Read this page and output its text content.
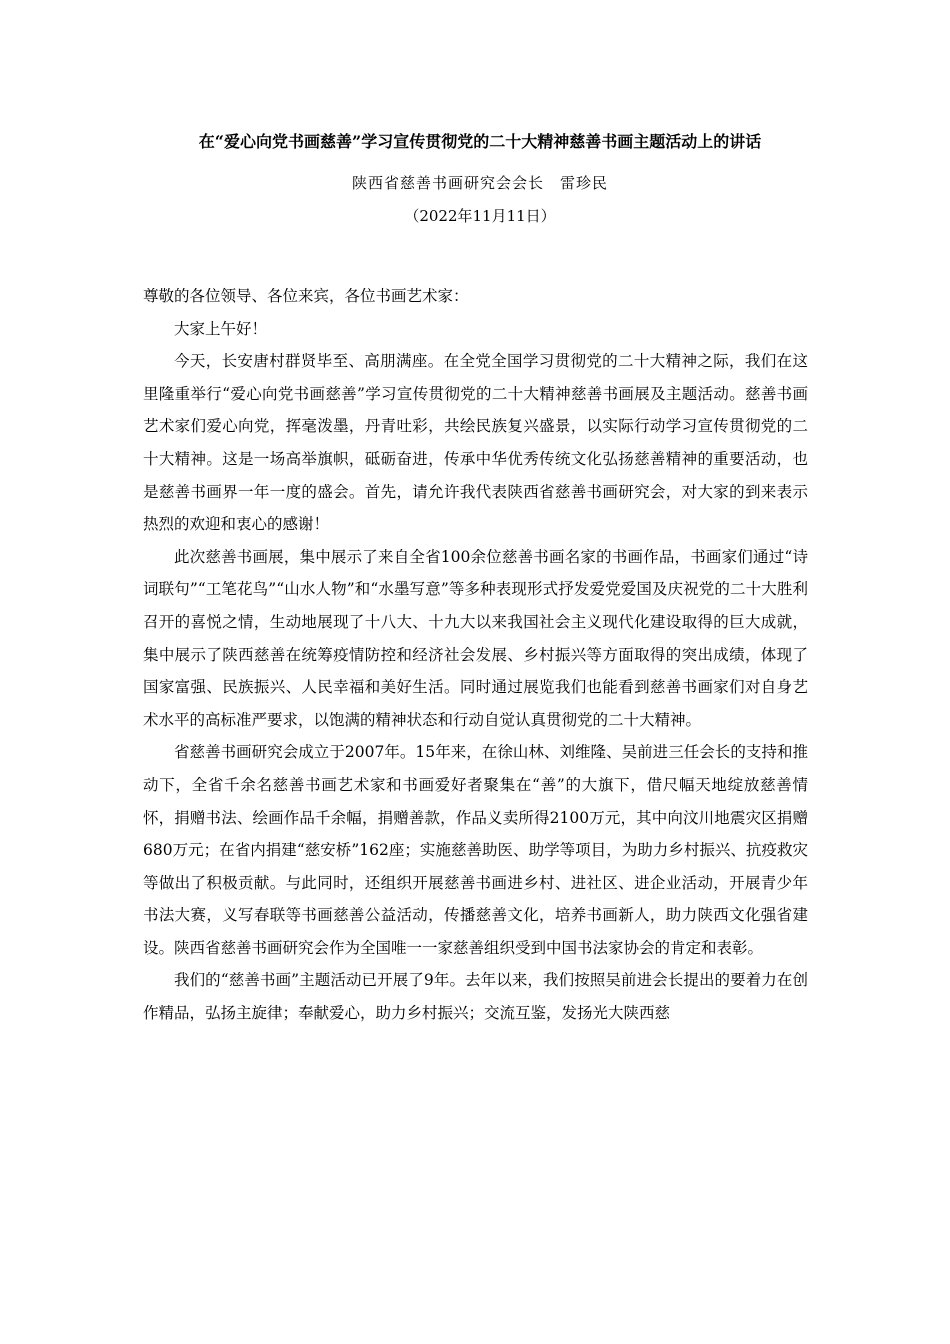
在“爱心向党书画慈善”学习宣传贯彻党的二十大精神慈善书画主题活动上的讲话
陕西省慈善书画研究会会长　雷珍民
（2022年11月11日）

尊敬的各位领导、各位来宾，各位书画艺术家：

大家上午好！

今天，长安唐村群贤毕至、高朋满座。在全党全国学习贯彻党的二十大精神之际，我们在这里隆重举行“爱心向党书画慈善”学习宣传贯彻党的二十大精神慈善书画展及主题活动。慈善书画艺术家们爱心向党，挥毫泼墨，丹青吐彩，共绘民族复兴盛景，以实际行动学习宣传贯彻党的二十大精神。这是一场高举旗帜，砥砺奋进，传承中华优秀传统文化弘扬慈善精神的重要活动，也是慈善书画界一年一度的盛会。首先，请允许我代表陕西省慈善书画研究会，对大家的到来表示热烈的欢迎和衷心的感谢！

此次慈善书画展，集中展示了来自全省100余位慈善书画名家的书画作品，书画家们通过“诗词联句”“工笔花鸟”“山水人物”和“水墨写意”等多种表现形式抒发爱党爱国及庆祝党的二十大胜利召开的喜悦之情，生动地展现了十八大、十九大以来我国社会主义现代化建设取得的巨大成就，集中展示了陕西慈善在统筹疫情防控和经济社会发展、乡村振兴等方面取得的突出成绩，体现了国家富强、民族振兴、人民幸福和美好生活。同时通过展览我们也能看到慈善书画家们对自身艺术水平的高标准严要求，以饱满的精神状态和行动自觉认真贯彻党的二十大精神。

省慈善书画研究会成立于2007年。15年来，在徐山林、刘维隆、吴前进三任会长的支持和推动下，全省千余名慈善书画艺术家和书画爱好者聚集在“善”的大旗下，借尺幅天地绽放慈善情怀，捐赠书法、绘画作品千余幅，捐赠善款，作品义卖所得2100万元，其中向汶川地震灾区捐赠680万元；在省内捐建“慈安桥”162座；实施慈善助医、助学等项目，为助力乡村振兴、抗疫救灾等做出了积极贡献。与此同时，还组织开展慈善书画进乡村、进社区、进企业活动，开展青少年书法大赛，义写春联等书画慈善公益活动，传播慈善文化，培养书画新人，助力陕西文化强省建设。陕西省慈善书画研究会作为全国唯一一家慈善组织受到中国书法家协会的肯定和表彰。

我们的“慈善书画”主题活动已开展了9年。去年以来，我们按照吴前进会长提出的要着力在创作精品，弘扬主旋律；奉献爱心，助力乡村振兴；交流互鉴，发扬光大陕西慈
